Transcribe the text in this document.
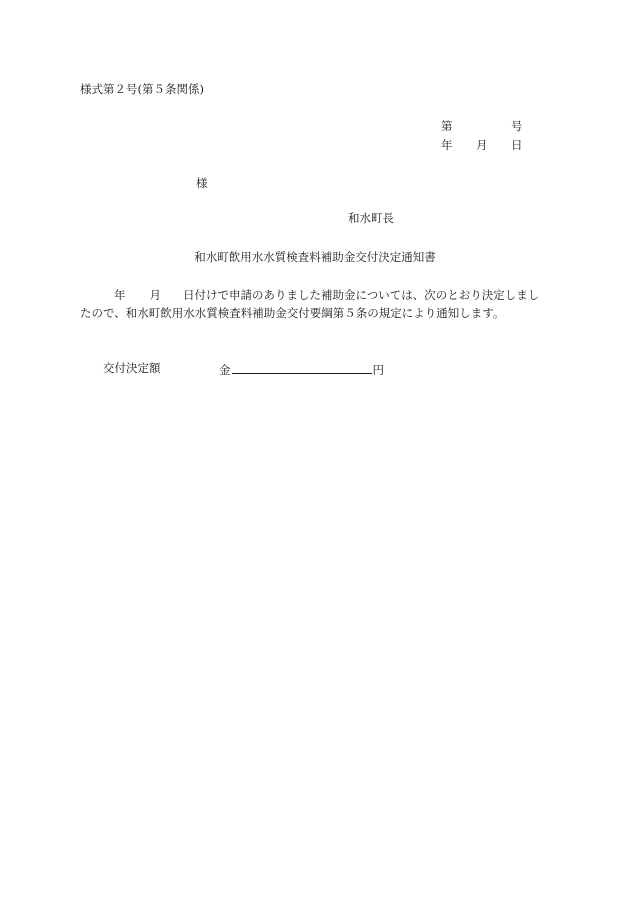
様式第２号(第５条関係)
第	号
年 月 日
様
和水町長
和水町飲用水水質検査料補助金交付決定通知書
年 月 日付けで申請のありました補助金については、次のとおり決定しまし
たので、和水町飲用水水質検査料補助金交付要綱第５条の規定により通知します。
交付決定額	金	円
